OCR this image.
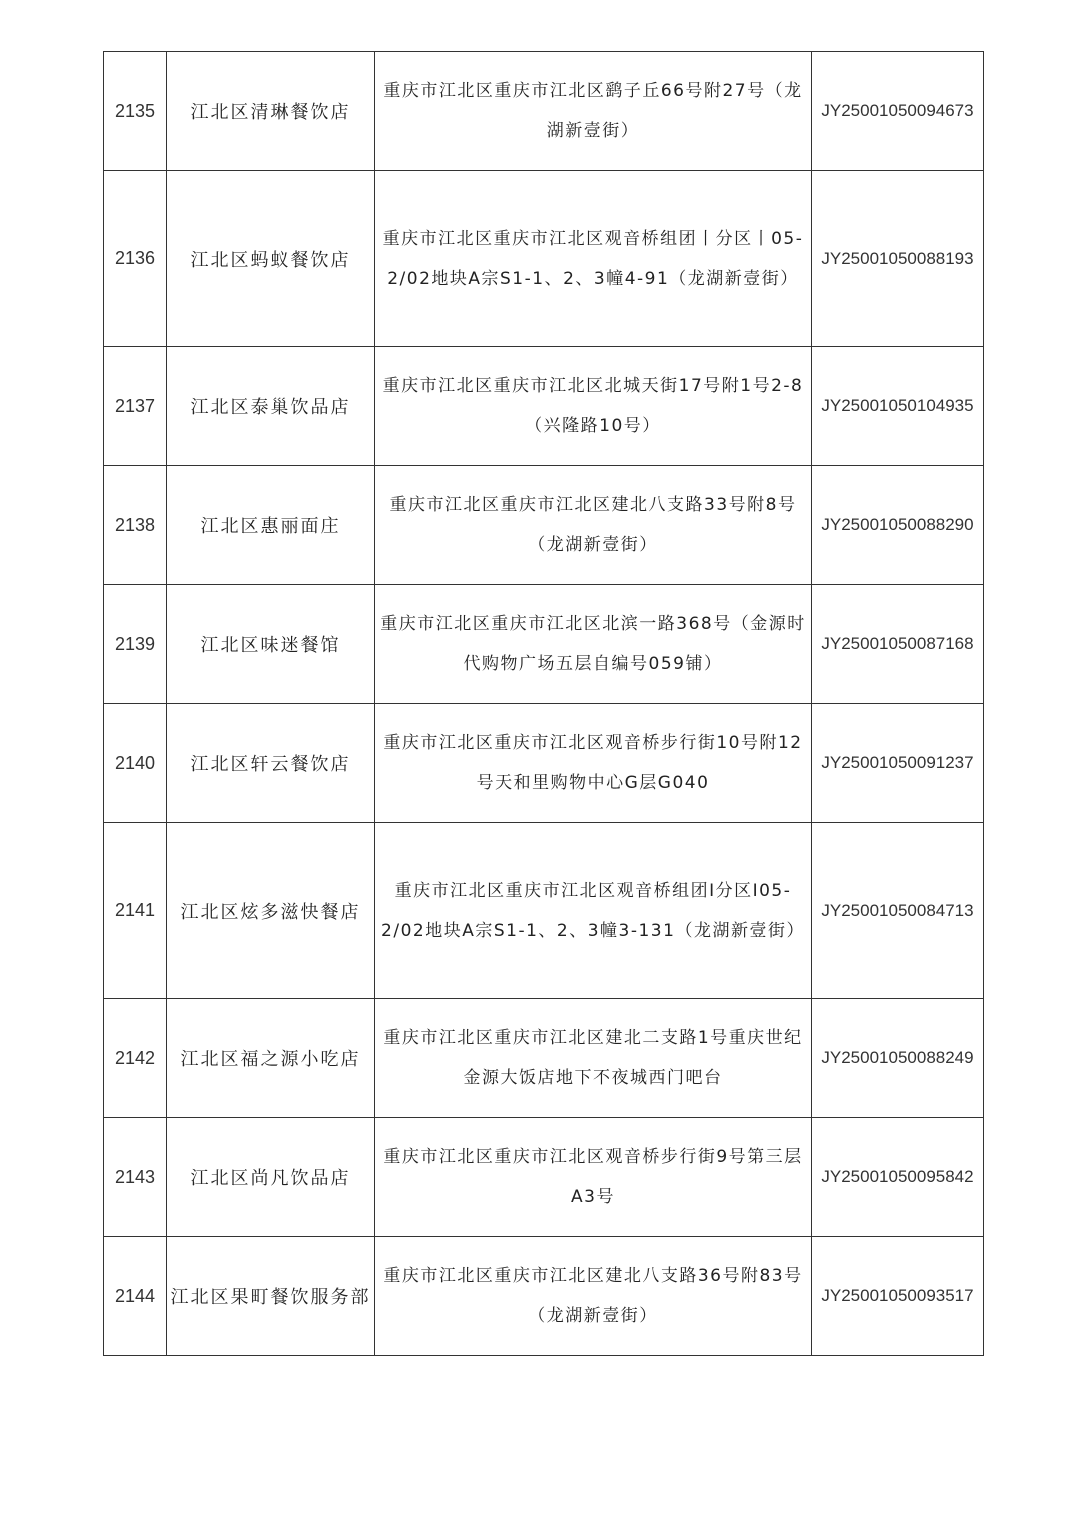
2135	江北区清琳餐饮店	重庆市江北区重庆市江北区鹞子丘66号附27号（龙湖新壹街）	JY25001050094673
2136	江北区蚂蚁餐饮店	重庆市江北区重庆市江北区观音桥组团丨分区丨05-2/02地块A宗S1-1、2、3幢4-91（龙湖新壹街）	JY25001050088193
2137	江北区泰巢饮品店	重庆市江北区重庆市江北区北城天街17号附1号2-8（兴隆路10号）	JY25001050104935
2138	江北区惠丽面庄	重庆市江北区重庆市江北区建北八支路33号附8号（龙湖新壹街）	JY25001050088290
2139	江北区味迷餐馆	重庆市江北区重庆市江北区北滨一路368号（金源时代购物广场五层自编号059铺）	JY25001050087168
2140	江北区轩云餐饮店	重庆市江北区重庆市江北区观音桥步行街10号附12号天和里购物中心G层G040	JY25001050091237
2141	江北区炫多滋快餐店	重庆市江北区重庆市江北区观音桥组团Ⅰ分区Ⅰ05-2/02地块A宗S1-1、2、3幢3-131（龙湖新壹街）	JY25001050084713
2142	江北区福之源小吃店	重庆市江北区重庆市江北区建北二支路1号重庆世纪金源大饭店地下不夜城西门吧台	JY25001050088249
2143	江北区尚凡饮品店	重庆市江北区重庆市江北区观音桥步行街9号第三层A3号	JY25001050095842
2144	江北区果町餐饮服务部	重庆市江北区重庆市江北区建北八支路36号附83号（龙湖新壹街）	JY25001050093517
